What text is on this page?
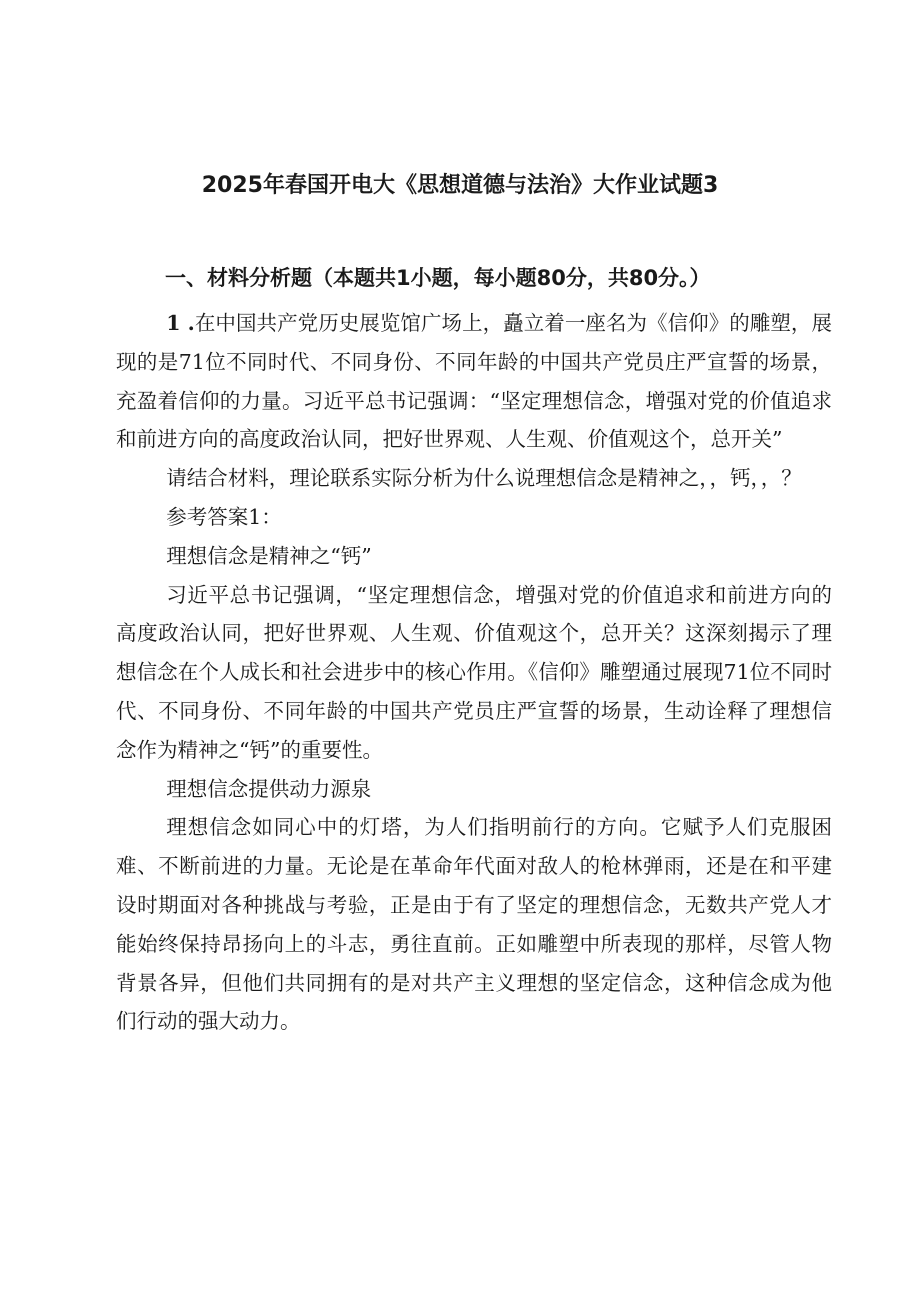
2025年春国开电大《思想道德与法治》大作业试题3
一、材料分析题（本题共1小题，每小题80分，共80分。）

1 .在中国共产党历史展览馆广场上，矗立着一座名为《信仰》的雕塑，展现的是71位不同时代、不同身份、不同年龄的中国共产党员庄严宣誓的场景，充盈着信仰的力量。习近平总书记强调：“坚定理想信念，增强对党的价值追求和前进方向的高度政治认同，把好世界观、人生观、价值观这个，总开关”

请结合材料，理论联系实际分析为什么说理想信念是精神之，，钙，，？

参考答案1：

理想信念是精神之“钙”

习近平总书记强调，“坚定理想信念，增强对党的价值追求和前进方向的高度政治认同，把好世界观、人生观、价值观这个，总开关？这深刻揭示了理想信念在个人成长和社会进步中的核心作用。《信仰》雕塑通过展现71位不同时代、不同身份、不同年龄的中国共产党员庄严宣誓的场景，生动诠释了理想信念作为精神之“钙”的重要性。

理想信念提供动力源泉

理想信念如同心中的灯塔，为人们指明前行的方向。它赋予人们克服困难、不断前进的力量。无论是在革命年代面对敌人的枪林弹雨，还是在和平建设时期面对各种挑战与考验，正是由于有了坚定的理想信念，无数共产党人才能始终保持昂扬向上的斗志，勇往直前。正如雕塑中所表现的那样，尽管人物背景各异，但他们共同拥有的是对共产主义理想的坚定信念，这种信念成为他们行动的强大动力。
